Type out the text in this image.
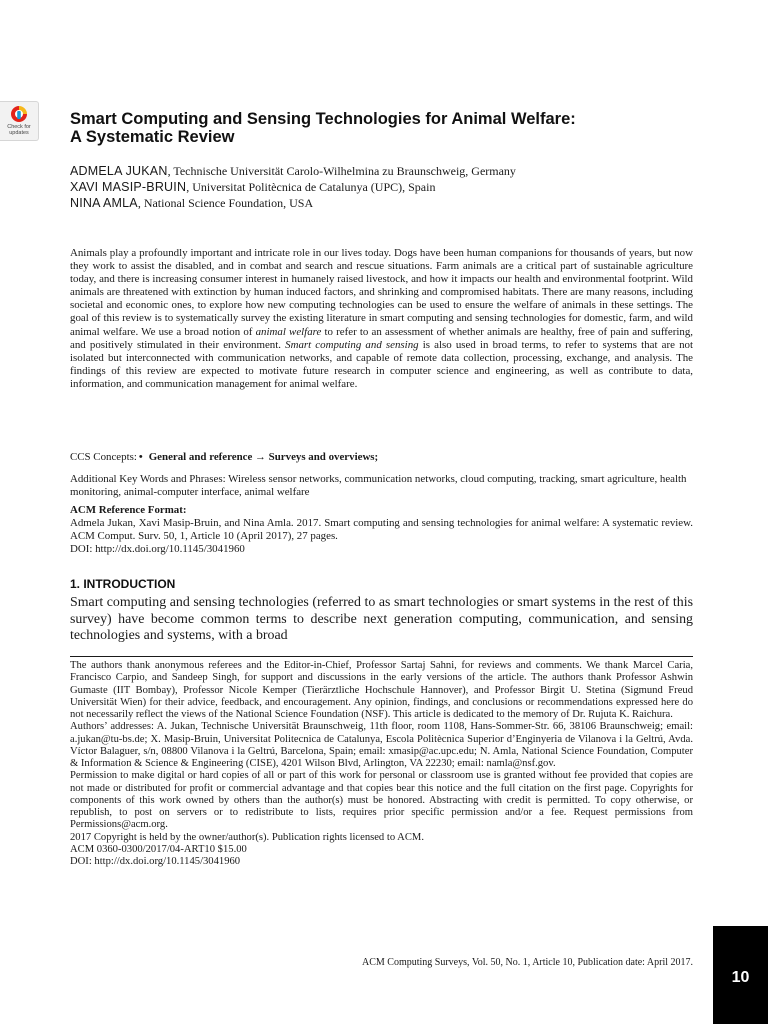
Check for
updates
Smart Computing and Sensing Technologies for Animal Welfare:
A Systematic Review
ADMELA JUKAN, Technische Universität Carolo-Wilhelmina zu Braunschweig, Germany
XAVI MASIP-BRUIN, Universitat Politècnica de Catalunya (UPC), Spain
NINA AMLA, National Science Foundation, USA

Animals play a profoundly important and intricate role in our lives today. Dogs have been human companions for thousands of years, but now they work to assist the disabled, and in combat and search and rescue situations. Farm animals are a critical part of sustainable agriculture today, and there is increasing consumer interest in humanely raised livestock, and how it impacts our health and environmental footprint. Wild animals are threatened with extinction by human induced factors, and shrinking and compromised habitats. There are many reasons, including societal and economic ones, to explore how new computing technologies can be used to ensure the welfare of animals in these settings. The goal of this review is to systematically survey the existing literature in smart computing and sensing technologies for domestic, farm, and wild animal welfare. We use a broad notion of animal welfare to refer to an assessment of whether animals are healthy, free of pain and suffering, and positively stimulated in their environment. Smart computing and sensing is also used in broad terms, to refer to systems that are not isolated but interconnected with communication networks, and capable of remote data collection, processing, exchange, and analysis. The findings of this review are expected to motivate future research in computer science and engineering, as well as contribute to data, information, and communication management for animal welfare.

CCS Concepts: • General and reference → Surveys and overviews;

Additional Key Words and Phrases: Wireless sensor networks, communication networks, cloud computing, tracking, smart agriculture, health monitoring, animal-computer interface, animal welfare

ACM Reference Format:

Admela Jukan, Xavi Masip-Bruin, and Nina Amla. 2017. Smart computing and sensing technologies for animal welfare: A systematic review. ACM Comput. Surv. 50, 1, Article 10 (April 2017), 27 pages.

DOI: http://dx.doi.org/10.1145/3041960
1. INTRODUCTION

Smart computing and sensing technologies (referred to as smart technologies or smart systems in the rest of this survey) have become common terms to describe next generation computing, communication, and sensing technologies and systems, with a broad

The authors thank anonymous referees and the Editor-in-Chief, Professor Sartaj Sahni, for reviews and comments. We thank Marcel Caria, Francisco Carpio, and Sandeep Singh, for support and discussions in the early versions of the article. The authors thank Professor Ashwin Gumaste (IIT Bombay), Professor Nicole Kemper (Tierärztliche Hochschule Hannover), and Professor Birgit U. Stetina (Sigmund Freud Universität Wien) for their advice, feedback, and encouragement. Any opinion, findings, and conclusions or recommendations expressed here do not necessarily reflect the views of the National Science Foundation (NSF). This article is dedicated to the memory of Dr. Rujuta K. Raichura.

Authors’ addresses: A. Jukan, Technische Universität Braunschweig, 11th floor, room 1108, Hans-Sommer-Str. 66, 38106 Braunschweig; email: a.jukan@tu-bs.de; X. Masip-Bruin, Universitat Politecnica de Catalunya, Escola Politècnica Superior d’Enginyeria de Vilanova i la Geltrú, Avda. Víctor Balaguer, s/n, 08800 Vilanova i la Geltrú, Barcelona, Spain; email: xmasip@ac.upc.edu; N. Amla, National Science Foundation, Computer & Information & Science & Engineering (CISE), 4201 Wilson Blvd, Arlington, VA 22230; email: namla@nsf.gov.

Permission to make digital or hard copies of all or part of this work for personal or classroom use is granted without fee provided that copies are not made or distributed for profit or commercial advantage and that copies bear this notice and the full citation on the first page. Copyrights for components of this work owned by others than the author(s) must be honored. Abstracting with credit is permitted. To copy otherwise, or republish, to post on servers or to redistribute to lists, requires prior specific permission and/or a fee. Request permissions from Permissions@acm.org.

2017 Copyright is held by the owner/author(s). Publication rights licensed to ACM.

ACM 0360-0300/2017/04-ART10 $15.00

DOI: http://dx.doi.org/10.1145/3041960

ACM Computing Surveys, Vol. 50, No. 1, Article 10, Publication date: April 2017.
10
